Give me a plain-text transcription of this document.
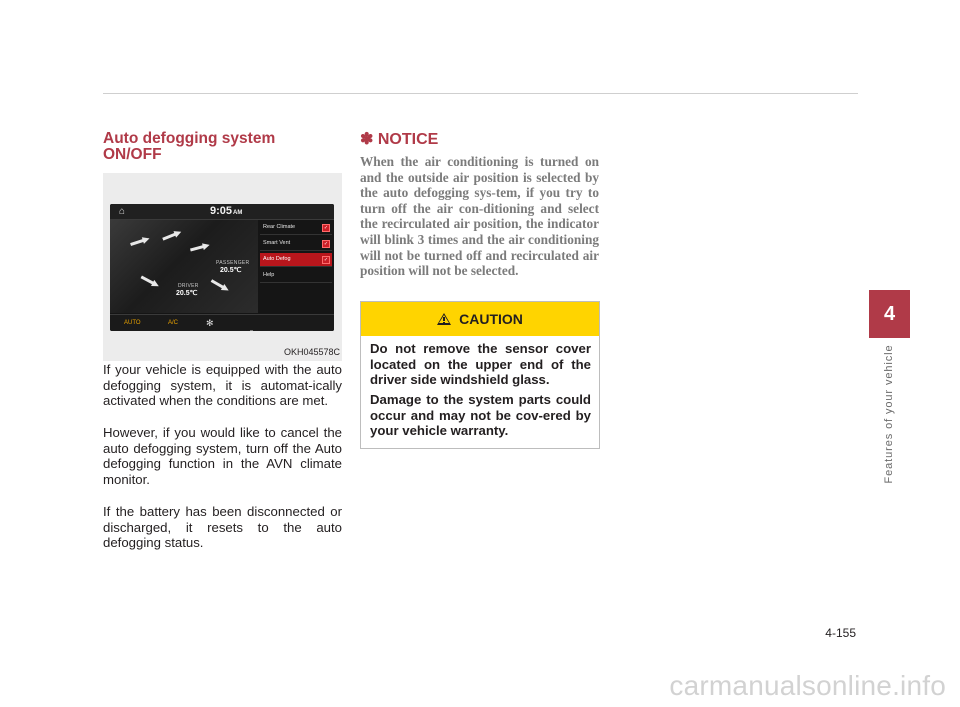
Auto defogging system
ON/OFF
⌂	9:05AM
PASSENGER
20.5℃
DRIVER
20.5℃
Rear Climate	✓
Smart Vent	✓
Auto Defog	✓
Help
AUTO	A/C	✻
OKH045578C

If your vehicle is equipped with the auto defogging system, it is automat-ically activated when the conditions are met.

However, if you would like to cancel the auto defogging system, turn off the Auto defogging function in the AVN climate monitor.

If the battery has been disconnected or discharged, it resets to the auto defogging status.

✽ NOTICE

When the air conditioning is turned on and the outside air position is selected by the auto defogging sys-tem, if you try to turn off the air con-ditioning and select the recirculated air position, the indicator will blink 3 times and the air conditioning will not be turned off and recirculated air position will not be selected.

CAUTION

Do not remove the sensor cover located on the upper end of the driver side windshield glass.

Damage to the system parts could occur and may not be cov-ered by your vehicle warranty.

4
Features of your vehicle
4-155
carmanualsonline.info
